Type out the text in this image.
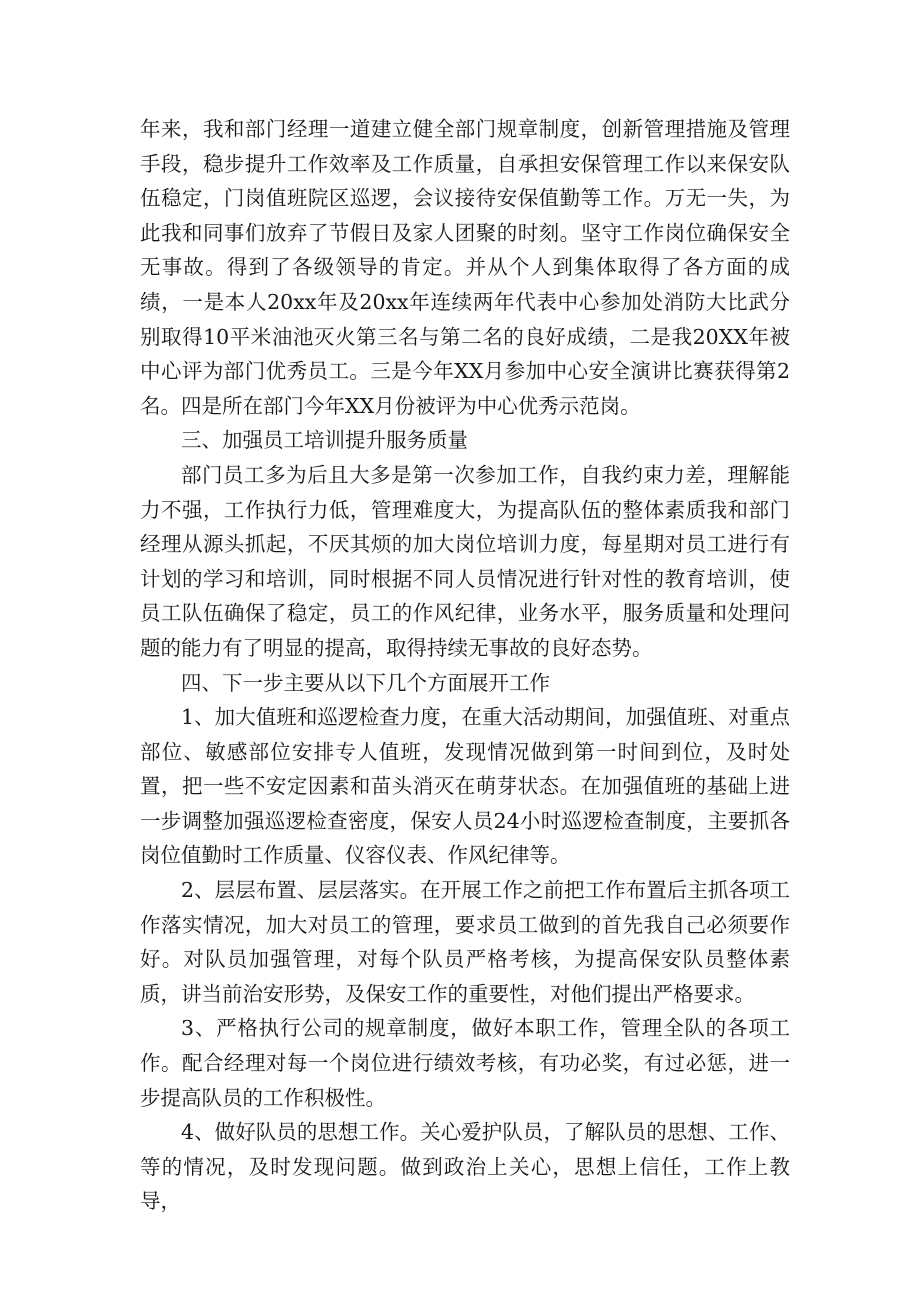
年来，我和部门经理一道建立健全部门规章制度，创新管理措施及管理手段，稳步提升工作效率及工作质量，自承担安保管理工作以来保安队伍稳定，门岗值班院区巡逻，会议接待安保值勤等工作。万无一失，为此我和同事们放弃了节假日及家人团聚的时刻。坚守工作岗位确保安全无事故。得到了各级领导的肯定。并从个人到集体取得了各方面的成绩，一是本人20xx年及20xx年连续两年代表中心参加处消防大比武分别取得10平米油池灭火第三名与第二名的良好成绩，二是我20XX年被中心评为部门优秀员工。三是今年XX月参加中心安全演讲比赛获得第2名。四是所在部门今年XX月份被评为中心优秀示范岗。

三、加强员工培训提升服务质量

部门员工多为后且大多是第一次参加工作，自我约束力差，理解能力不强，工作执行力低，管理难度大，为提高队伍的整体素质我和部门经理从源头抓起，不厌其烦的加大岗位培训力度，每星期对员工进行有计划的学习和培训，同时根据不同人员情况进行针对性的教育培训，使员工队伍确保了稳定，员工的作风纪律，业务水平，服务质量和处理问题的能力有了明显的提高，取得持续无事故的良好态势。

四、下一步主要从以下几个方面展开工作

1、加大值班和巡逻检查力度，在重大活动期间，加强值班、对重点部位、敏感部位安排专人值班，发现情况做到第一时间到位，及时处置，把一些不安定因素和苗头消灭在萌芽状态。在加强值班的基础上进一步调整加强巡逻检查密度，保安人员24小时巡逻检查制度，主要抓各岗位值勤时工作质量、仪容仪表、作风纪律等。

2、层层布置、层层落实。在开展工作之前把工作布置后主抓各项工作落实情况，加大对员工的管理，要求员工做到的首先我自己必须要作好。对队员加强管理，对每个队员严格考核，为提高保安队员整体素质，讲当前治安形势，及保安工作的重要性，对他们提出严格要求。

3、严格执行公司的规章制度，做好本职工作，管理全队的各项工作。配合经理对每一个岗位进行绩效考核，有功必奖，有过必惩，进一步提高队员的工作积极性。

4、做好队员的思想工作。关心爱护队员，了解队员的思想、工作、等的情况，及时发现问题。做到政治上关心，思想上信任，工作上教导，
